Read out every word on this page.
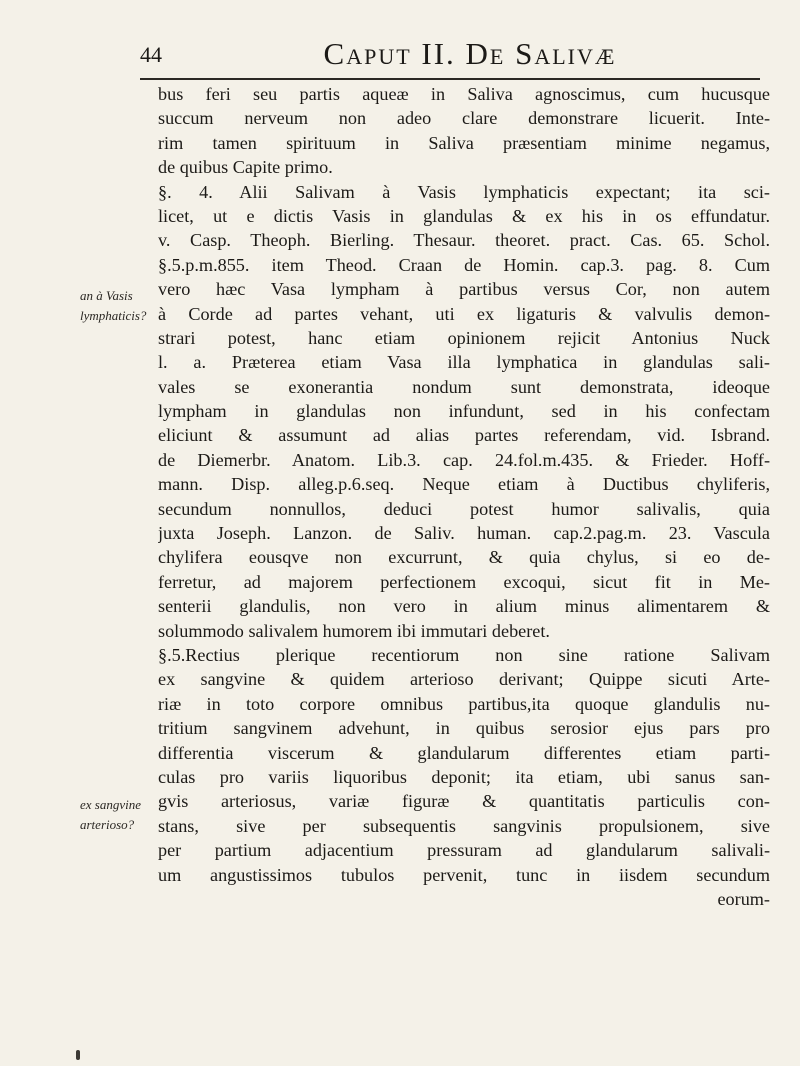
44	Caput II. De Salivæ
an à Vasis lymphaticis?
ex sangvine arterioso?
bus feri seu partis aqueæ in Saliva agnoscimus, cum hucusque
succum nerveum non adeo clare demonstrare licuerit. Inte-
rim tamen spirituum in Saliva præsentiam minime negamus,
de quibus Capite primo.
§. 4. Alii Salivam à Vasis lymphaticis expectant; ita sci-
licet, ut e dictis Vasis in glandulas & ex his in os effundatur.
v. Casp. Theoph. Bierling. Thesaur. theoret. pract. Cas. 65. Schol.
§.5.p.m.855. item Theod. Craan de Homin. cap.3. pag. 8. Cum
vero hæc Vasa lympham à partibus versus Cor, non autem
à Corde ad partes vehant, uti ex ligaturis & valvulis demon-
strari potest, hanc etiam opinionem rejicit Antonius Nuck
l. a. Præterea etiam Vasa illa lymphatica in glandulas sali-
vales se exonerantia nondum sunt demonstrata, ideoque
lympham in glandulas non infundunt, sed in his confectam
eliciunt & assumunt ad alias partes referendam, vid. Isbrand.
de Diemerbr. Anatom. Lib.3. cap. 24.fol.m.435. & Frieder. Hoff-
mann. Disp. alleg.p.6.seq. Neque etiam à Ductibus chyliferis,
secundum nonnullos, deduci potest humor salivalis, quia
juxta Joseph. Lanzon. de Saliv. human. cap.2.pag.m. 23. Vascula
chylifera eousqve non excurrunt, & quia chylus, si eo de-
ferretur, ad majorem perfectionem excoqui, sicut fit in Me-
senterii glandulis, non vero in alium minus alimentarem &
solummodo salivalem humorem ibi immutari deberet.
§.5.Rectius plerique recentiorum non sine ratione Salivam
ex sangvine & quidem arterioso derivant; Quippe sicuti Arte-
riæ in toto corpore omnibus partibus,ita quoque glandulis nu-
tritium sangvinem advehunt, in quibus serosior ejus pars pro
differentia viscerum & glandularum differentes etiam parti-
culas pro variis liquoribus deponit; ita etiam, ubi sanus san-
gvis arteriosus, variæ figuræ & quantitatis particulis con-
stans, sive per subsequentis sangvinis propulsionem, sive
per partium adjacentium pressuram ad glandularum salivali-
um angustissimos tubulos pervenit, tunc in iisdem secundum
eorum-
